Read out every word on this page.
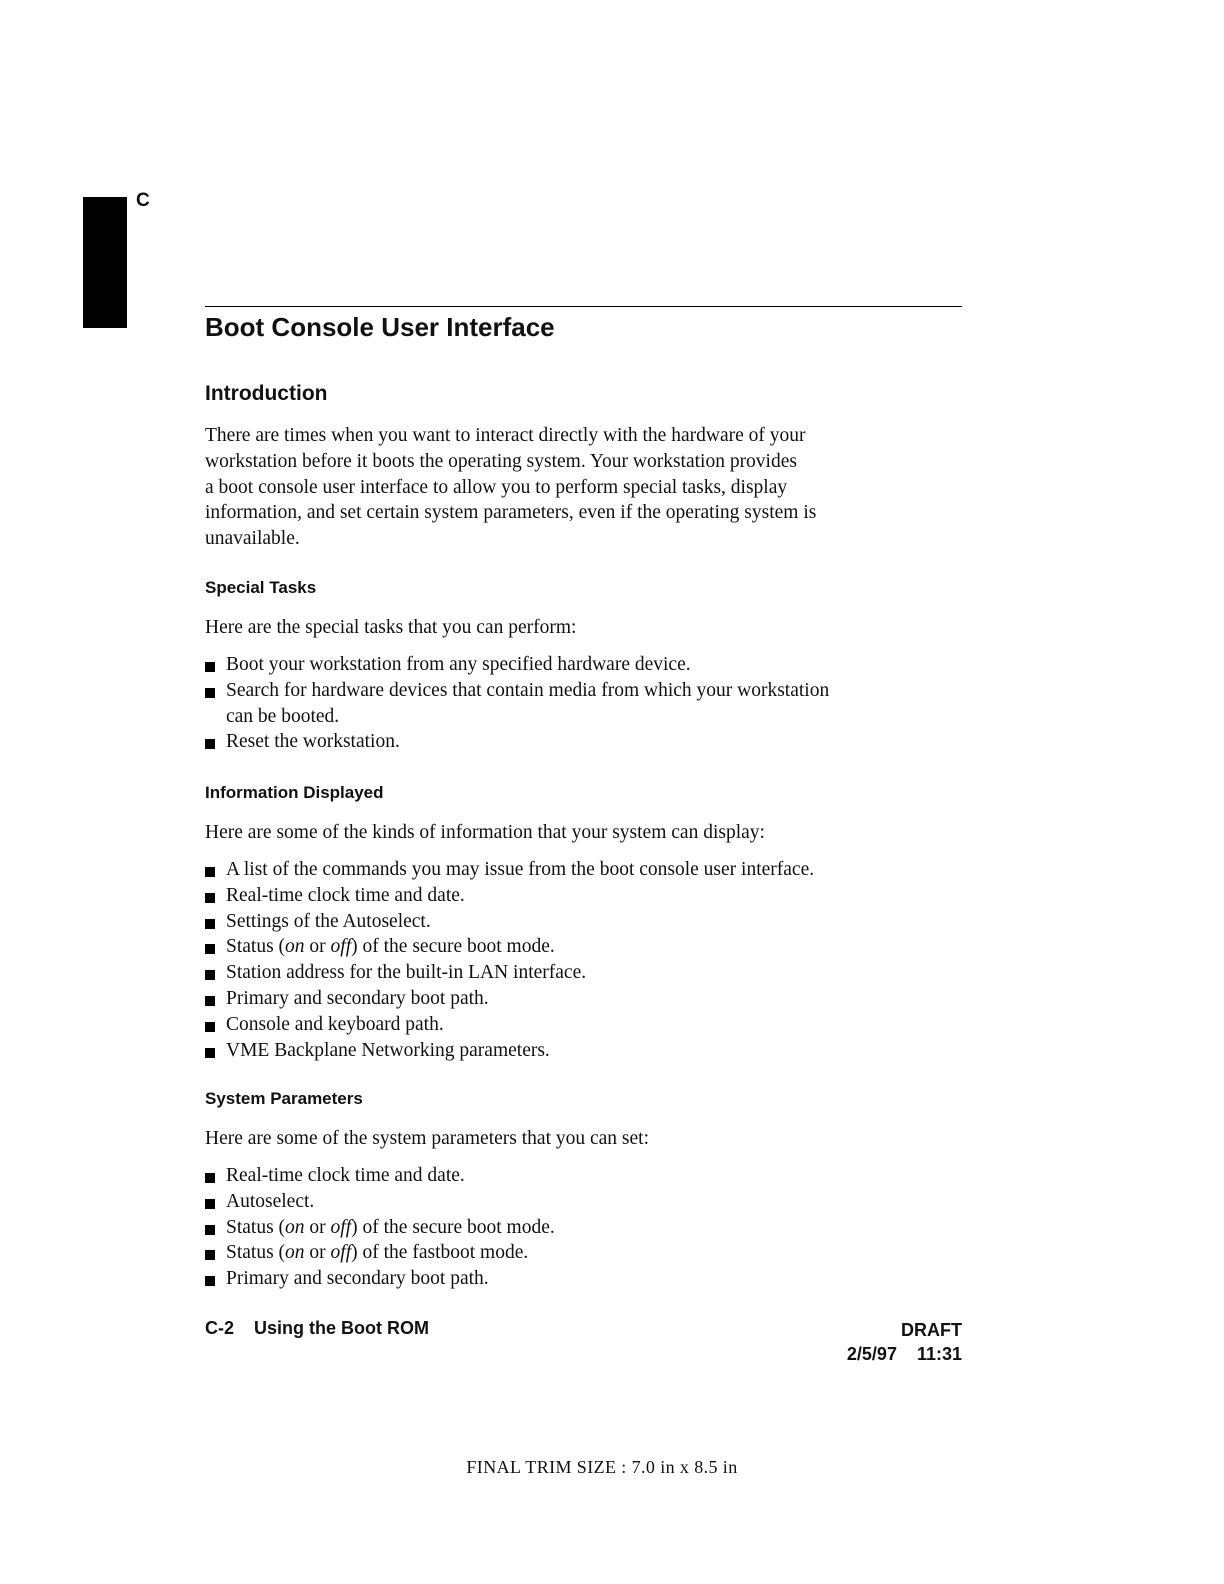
C
Boot Console User Interface
Introduction

There are times when you want to interact directly with the hardware of your
workstation before it boots the operating system. Your workstation provides
a boot console user interface to allow you to perform special tasks, display
information, and set certain system parameters, even if the operating system is
unavailable.

Special Tasks

Here are the special tasks that you can perform:

Boot your workstation from any specified hardware device.
Search for hardware devices that contain media from which your workstation
can be booted.
Reset the workstation.
Information Displayed

Here are some of the kinds of information that your system can display:

A list of the commands you may issue from the boot console user interface.
Real-time clock time and date.
Settings of the Autoselect.
Status (on or off) of the secure boot mode.
Station address for the built-in LAN interface.
Primary and secondary boot path.
Console and keyboard path.
VME Backplane Networking parameters.
System Parameters

Here are some of the system parameters that you can set:

Real-time clock time and date.
Autoselect.
Status (on or off) of the secure boot mode.
Status (on or off) of the fastboot mode.
Primary and secondary boot path.
C-2 Using the Boot ROM	DRAFT
2/5/97 11:31
FINAL TRIM SIZE : 7.0 in x 8.5 in
